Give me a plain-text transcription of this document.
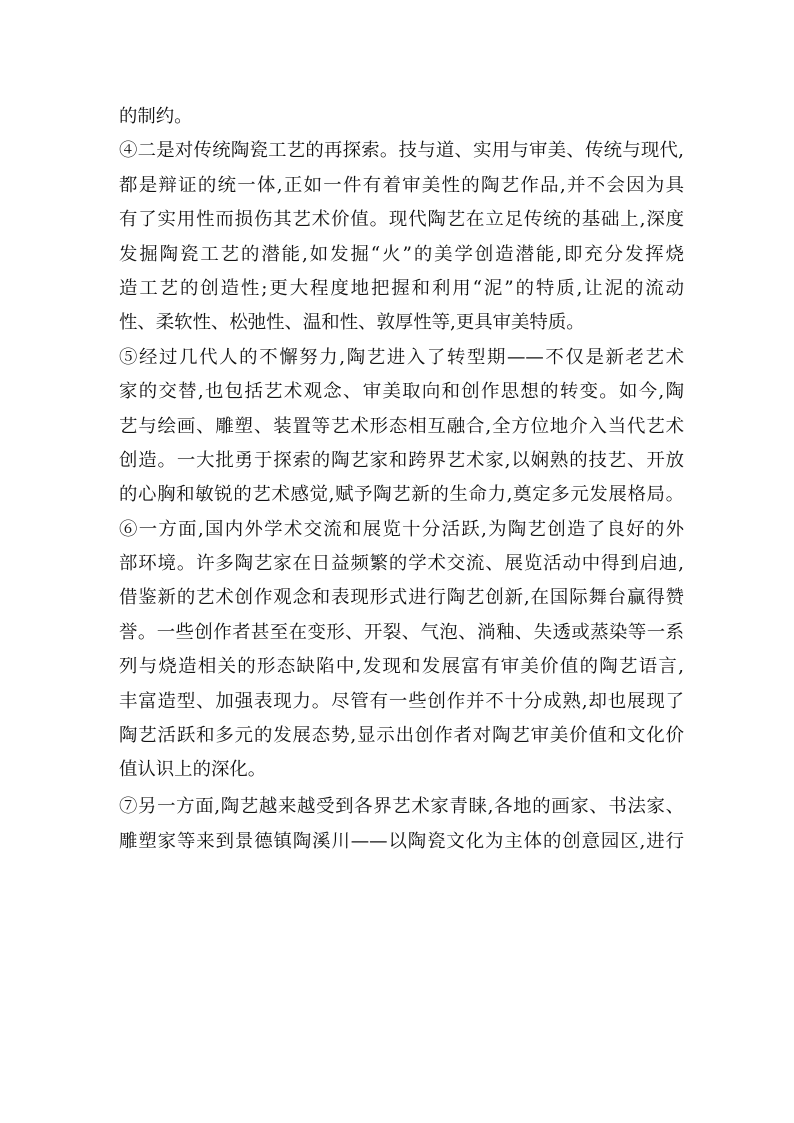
的制约。
④二是对传统陶瓷工艺的再探索。技与道、实用与审美、传统与现代,
都是辩证的统一体,正如一件有着审美性的陶艺作品,并不会因为具
有了实用性而损伤其艺术价值。现代陶艺在立足传统的基础上,深度
发掘陶瓷工艺的潜能,如发掘“火”的美学创造潜能,即充分发挥烧
造工艺的创造性;更大程度地把握和利用“泥”的特质,让泥的流动
性、柔软性、松弛性、温和性、敦厚性等,更具审美特质。
⑤经过几代人的不懈努力,陶艺进入了转型期——不仅是新老艺术
家的交替,也包括艺术观念、审美取向和创作思想的转变。如今,陶
艺与绘画、雕塑、装置等艺术形态相互融合,全方位地介入当代艺术
创造。一大批勇于探索的陶艺家和跨界艺术家,以娴熟的技艺、开放
的心胸和敏锐的艺术感觉,赋予陶艺新的生命力,奠定多元发展格局。
⑥一方面,国内外学术交流和展览十分活跃,为陶艺创造了良好的外
部环境。许多陶艺家在日益频繁的学术交流、展览活动中得到启迪,
借鉴新的艺术创作观念和表现形式进行陶艺创新,在国际舞台赢得赞
誉。一些创作者甚至在变形、开裂、气泡、淌釉、失透或蒸染等一系
列与烧造相关的形态缺陷中,发现和发展富有审美价值的陶艺语言,
丰富造型、加强表现力。尽管有一些创作并不十分成熟,却也展现了
陶艺活跃和多元的发展态势,显示出创作者对陶艺审美价值和文化价
值认识上的深化。
⑦另一方面,陶艺越来越受到各界艺术家青睐,各地的画家、书法家、
雕塑家等来到景德镇陶溪川——以陶瓷文化为主体的创意园区,进行
